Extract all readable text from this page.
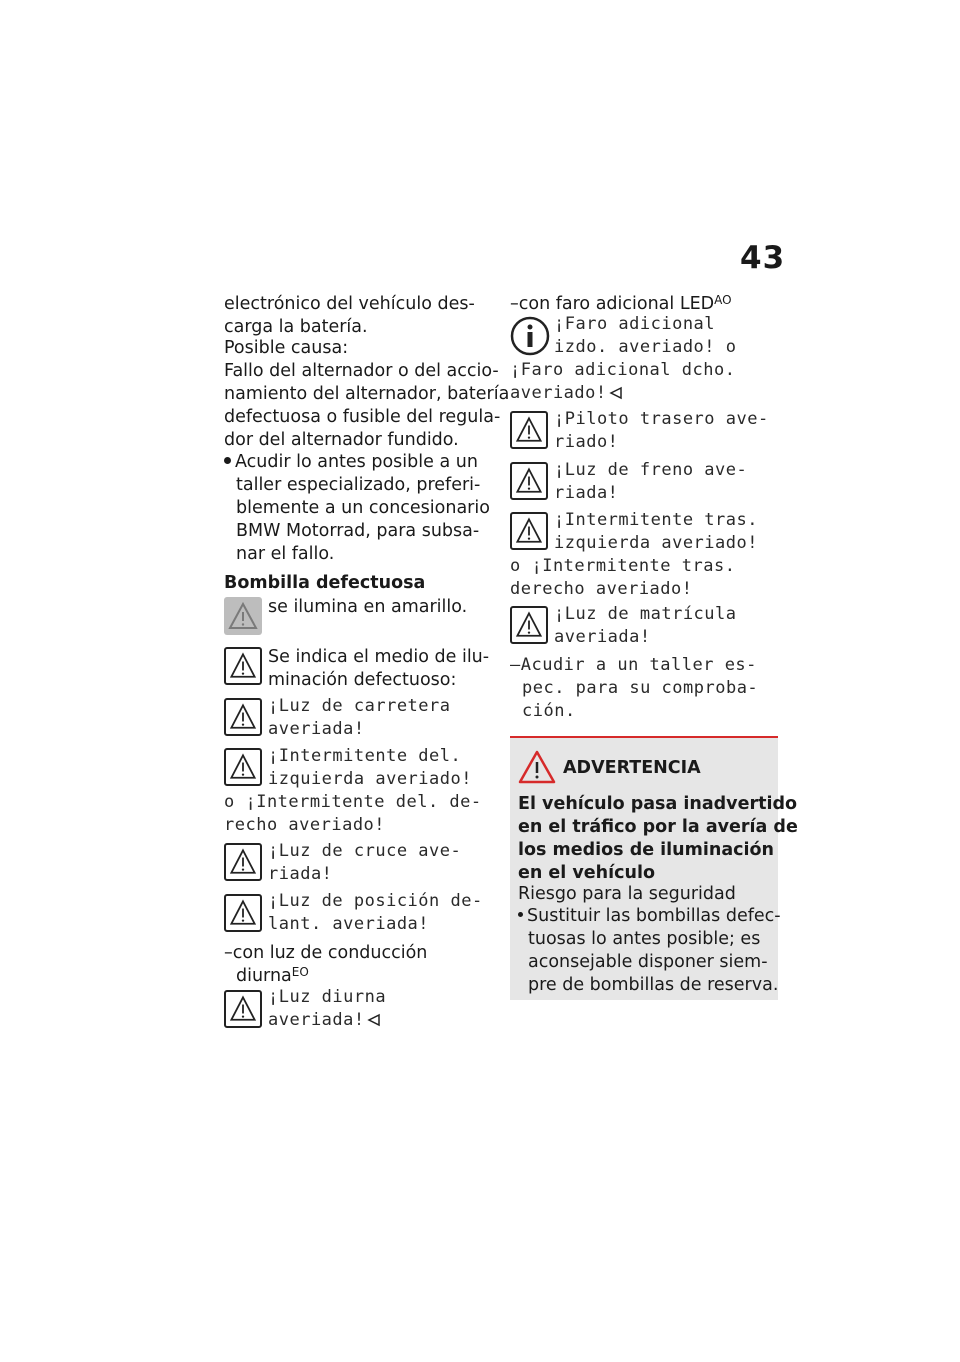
43
electrónico del vehículo des-
carga la batería.
Posible causa:
Fallo del alternador o del accio-
namiento del alternador, batería
defectuosa o fusible del regula-
dor del alternador fundido.
Acudir lo antes posible a un
taller especializado, preferi-
blemente a un concesionario
BMW Motorrad, para subsa-
nar el fallo.
Bombilla defectuosa
se ilumina en amarillo.
Se indica el medio de ilu-
minación defectuoso:
¡Luz de carretera
averiada!
¡Intermitente del.
izquierda averiado!
o ¡Intermitente del. de-
recho averiado!
¡Luz de cruce ave-
riada!
¡Luz de posición de-
lant. averiada!
–con luz de conducción
diurna$^{EO}$
¡Luz diurna
averiada!
–con faro adicional $LED^{AO}$
¡Faro adicional
izdo. averiado! o
¡Faro adicional dcho.
averiado!
¡Piloto trasero ave-
riado!
¡Luz de freno ave-
riada!
¡Intermitente tras.
izquierda averiado!
o ¡Intermitente tras.
derecho averiado!
¡Luz de matrícula
averiada!
–Acudir a un taller es-
pec. para su comproba-
ción.
ADVERTENCIA
El vehículo pasa inadvertido
en el tráfico por la avería de
los medios de iluminación
en el vehículo
Riesgo para la seguridad
Sustituir las bombillas defec-
tuosas lo antes posible; es
aconsejable disponer siem-
pre de bombillas de reserva.
